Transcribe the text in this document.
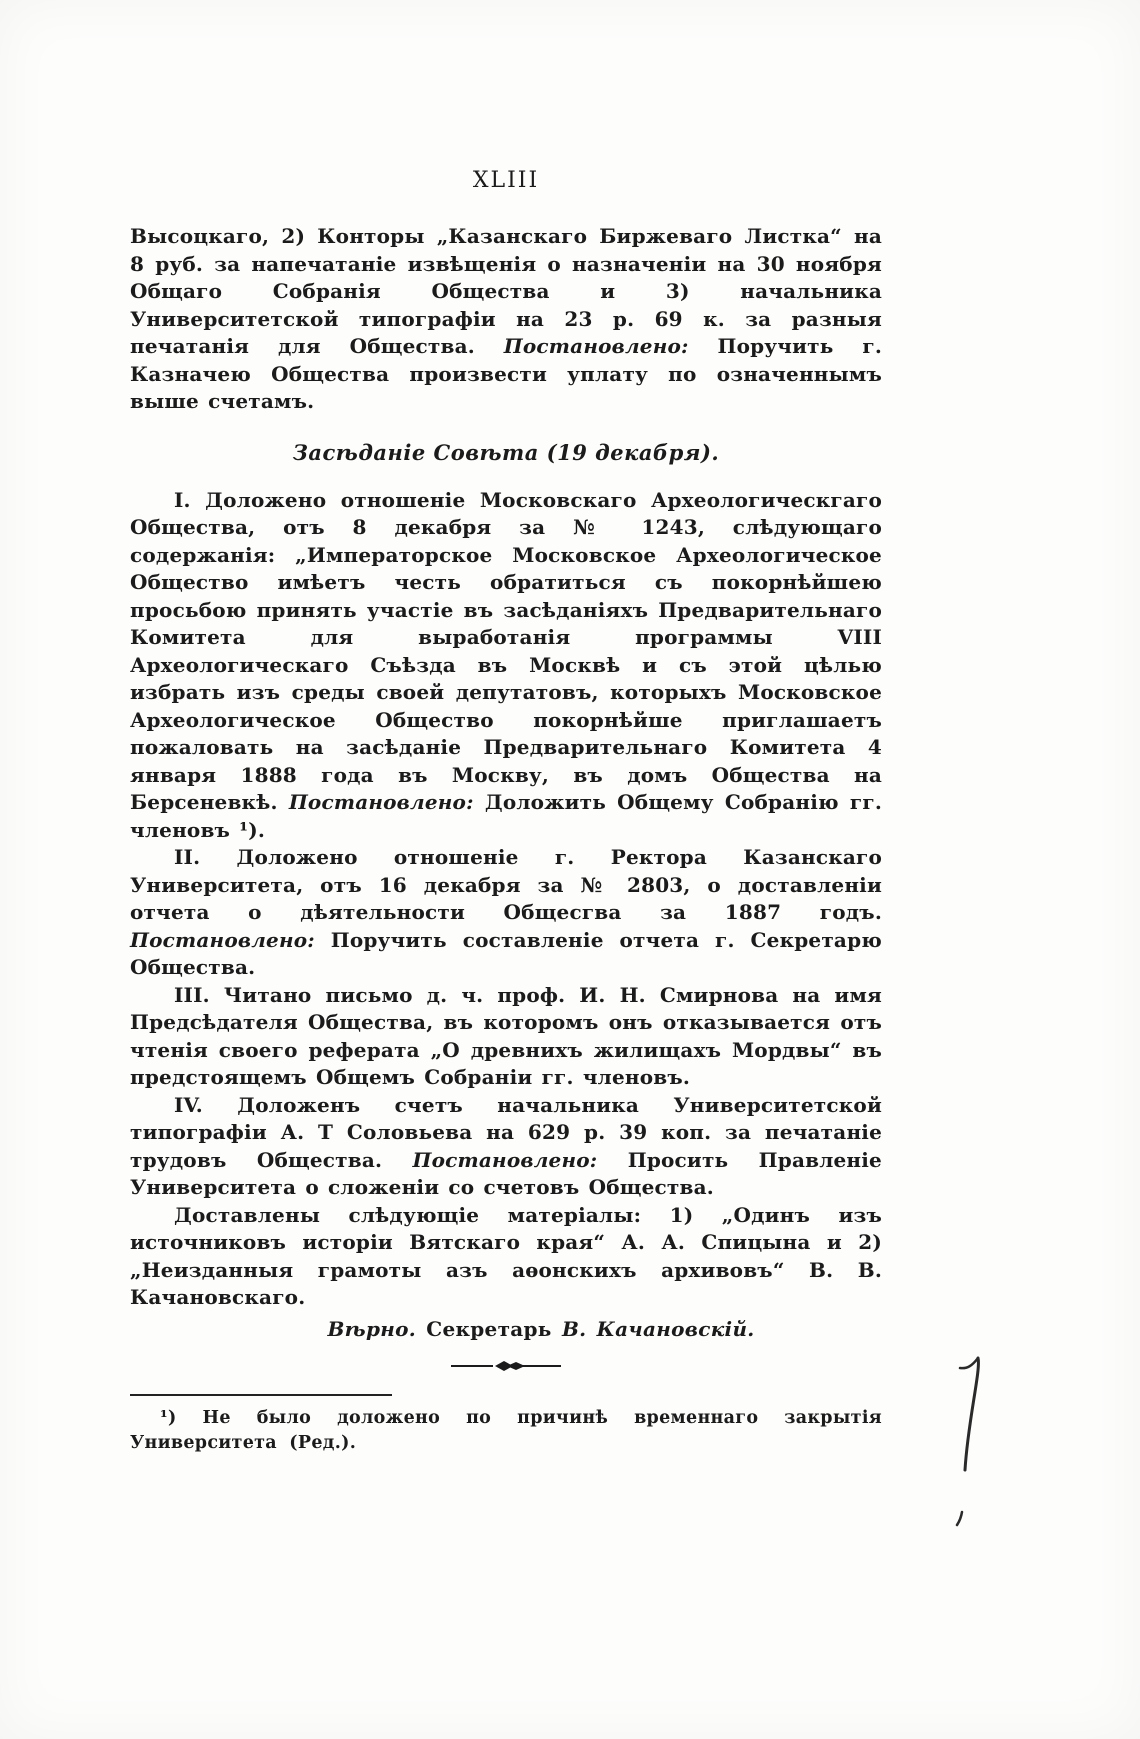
XLIII

Высоцкаго, 2) Конторы „Казанскаго Биржеваго Листка“ на 8 руб. за напечатаніе извѣщенія о назначеніи на 30 ноября Общаго Собранія Общества и 3) начальника Университетской типографіи на 23 р. 69 к. за разныя печатанія для Общества. Постановлено: Поручить г. Казначею Общества произвести уплату по означеннымъ выше счетамъ.

Засѣданіе Совѣта (19 декабря).

I. Доложено отношеніе Московскаго Археологическгаго Общества, отъ 8 декабря за № 1243, слѣдующаго содержанія: „Императорское Московское Археологическое Общество имѣетъ честь обратиться съ покорнѣйшею просьбою принять участіе въ засѣданіяхъ Предварительнаго Комитета для выработанія программы VIII Археологическаго Съѣзда въ Москвѣ и съ этой цѣлью избрать изъ среды своей депутатовъ, которыхъ Московское Археологическое Общество покорнѣйше приглашаетъ пожаловать на засѣданіе Предварительнаго Комитета 4 января 1888 года въ Москву, въ домъ Общества на Берсеневкѣ. Постановлено: Доложить Общему Собранію гг. членовъ ¹).

II. Доложено отношеніе г. Ректора Казанскаго Университета, отъ 16 декабря за № 2803, о доставленіи отчета о дѣятельности Общесгва за 1887 годъ. Постановлено: Поручить составленіе отчета г. Секретарю Общества.

III. Читано письмо д. ч. проф. И. Н. Смирнова на имя Предсѣдателя Общества, въ которомъ онъ отказывается отъ чтенія своего реферата „О древнихъ жилищахъ Мордвы“ въ предстоящемъ Общемъ Собраніи гг. членовъ.

IV. Доложенъ счетъ начальника Университетской типографіи А. Т Соловьева на 629 р. 39 коп. за печатаніе трудовъ Общества. Постановлено: Просить Правленіе Университета о сложеніи со счетовъ Общества.

Доставлены слѣдующіе матеріалы: 1) „Одинъ изъ источниковъ исторіи Вятскаго края“ А. А. Спицына и 2) „Неизданныя грамоты азъ аѳонскихъ архивовъ“ В. В. Качановскаго.

Вѣрно. Секретарь В. Качановскій.

¹) Не было доложено по причинѣ временнаго закрытія Университета (Ред.).
